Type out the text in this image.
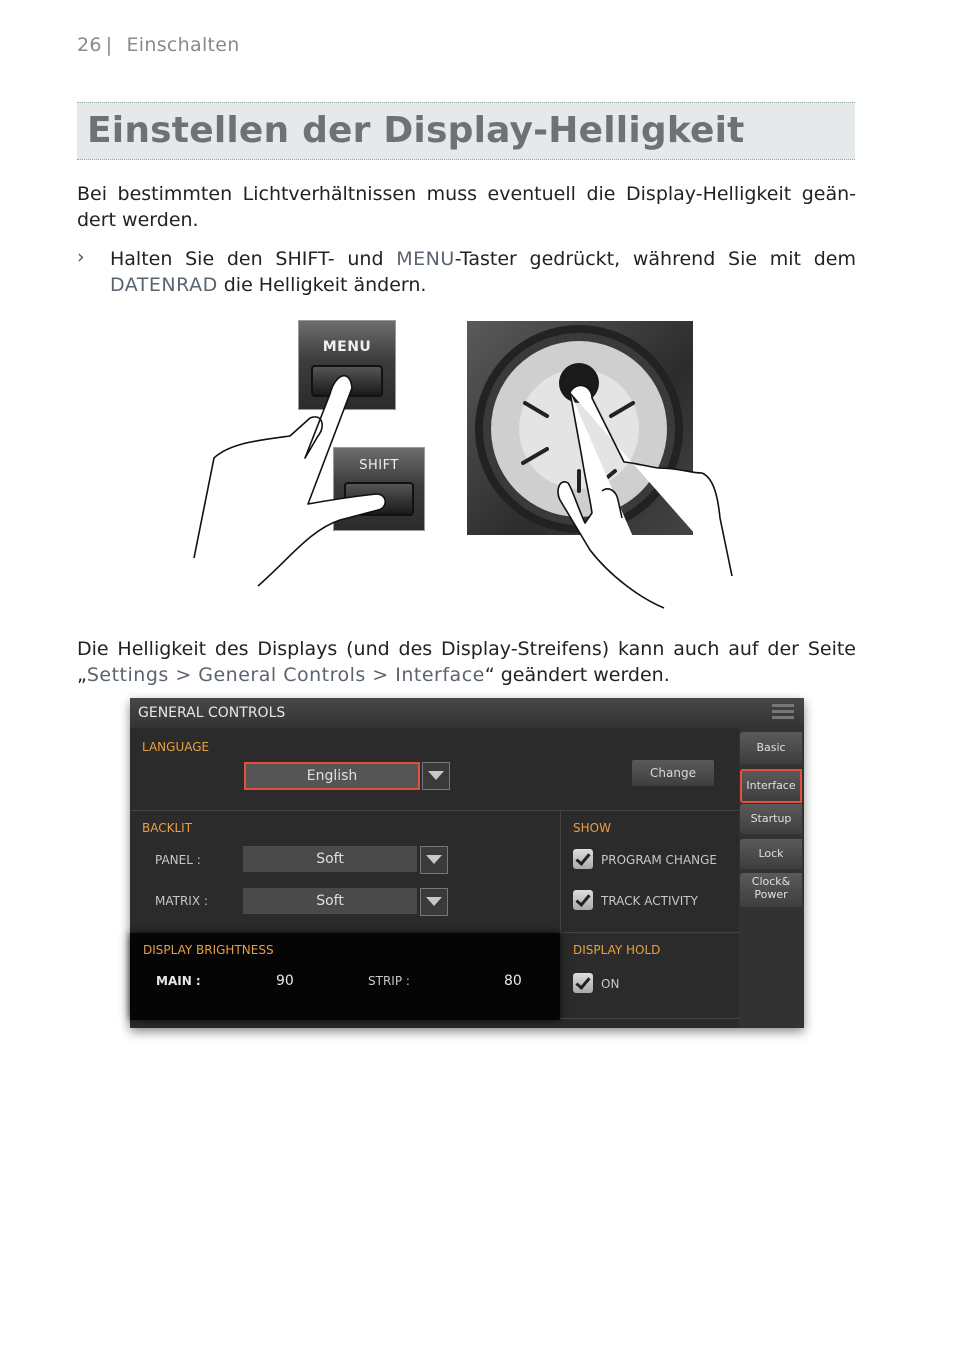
26 | Einschalten
Einstellen der Display-Helligkeit
Bei bestimmten Lichtverhältnissen muss eventuell die Display-Helligkeit geän-dert werden.
› Halten Sie den SHIFT- und MENU-Taster gedrückt, während Sie mit dem DATENRAD die Helligkeit ändern.
MENU
SHIFT
Die Helligkeit des Displays (und des Display-Streifens) kann auch auf der Seite „Settings > General Controls > Interface“ geändert werden.
GENERAL CONTROLS
LANGUAGE
English	Change
BACKLIT
PANEL :	Soft
MATRIX :	Soft
SHOW
PROGRAM CHANGE
TRACK ACTIVITY
DISPLAY BRIGHTNESS
MAIN :	90	STRIP :	80
DISPLAY HOLD
ON
Basic
Interface
Startup
Lock
Clock&
Power
